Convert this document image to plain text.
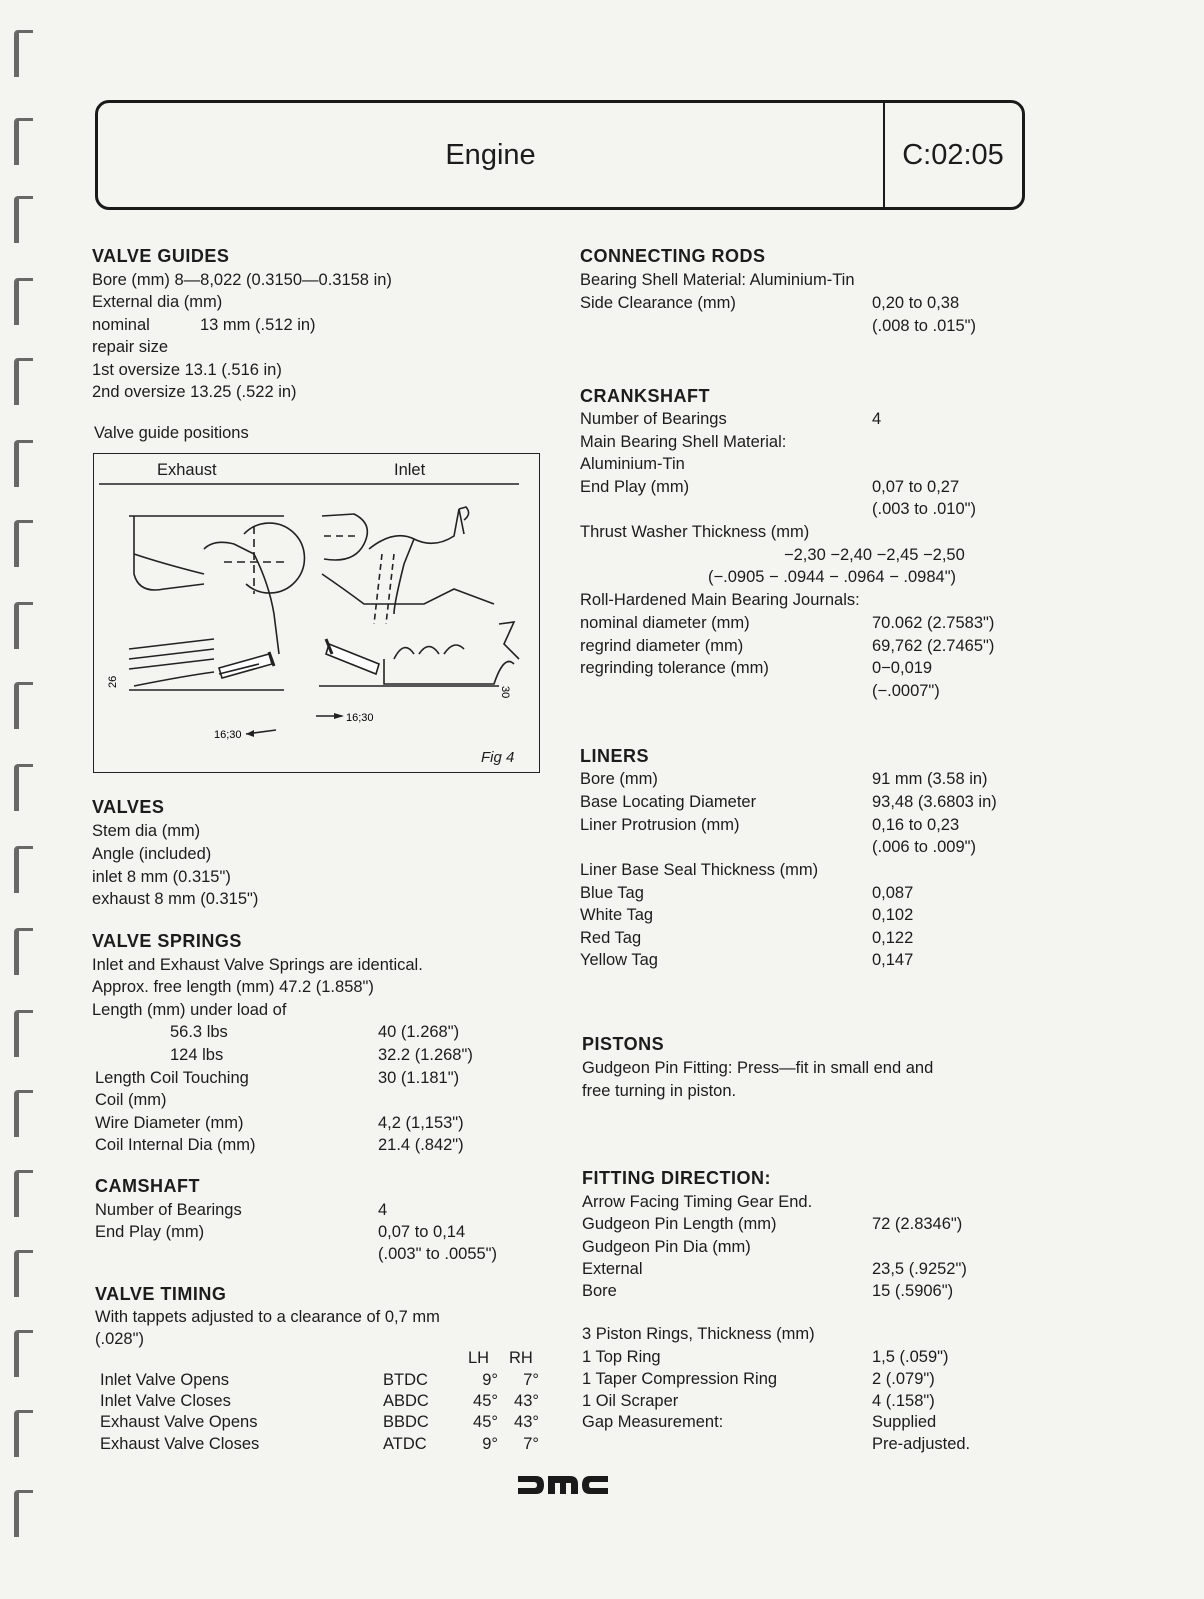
Engine	C:02:05
VALVE GUIDES
Bore (mm) 8—8,022 (0.3150—0.3158 in)
External dia (mm)
nominal	13 mm (.512 in)
repair size
1st oversize 13.1 (.516 in)
2nd oversize 13.25 (.522 in)
Valve guide positions
Exhaust	Inlet
26
30
16;30
16;30
Fig 4
VALVES
Stem dia (mm)
Angle (included)
inlet 8 mm (0.315")
exhaust 8 mm (0.315")
VALVE SPRINGS
Inlet and Exhaust Valve Springs are identical.
Approx. free length (mm) 47.2 (1.858")
Length (mm) under load of
56.3 lbs	40 (1.268")
124 lbs	32.2 (1.268")
Length Coil Touching	30 (1.181")
Coil (mm)
Wire Diameter (mm)	4,2 (1,153")
Coil Internal Dia (mm)	21.4 (.842")
CAMSHAFT
Number of Bearings	4
End Play (mm)	0,07 to 0,14
(.003" to .0055")
VALVE TIMING
With tappets adjusted to a clearance of 0,7 mm
(.028")
LH RH
Inlet Valve Opens	BTDC	9°	7°
Inlet Valve Closes	ABDC	45° 43°
Exhaust Valve Opens	BBDC	45° 43°
Exhaust Valve Closes	ATDC	9°	7°
CONNECTING RODS
Bearing Shell Material: Aluminium-Tin
Side Clearance (mm)	0,20 to 0,38
(.008 to .015")
CRANKSHAFT
Number of Bearings	4
Main Bearing Shell Material:
Aluminium-Tin
End Play (mm)	0,07 to 0,27
(.003 to .010")
Thrust Washer Thickness (mm)
−2,30 −2,40 −2,45 −2,50
(−.0905 − .0944 − .0964 − .0984")
Roll-Hardened Main Bearing Journals:
nominal diameter (mm)	70.062 (2.7583")
regrind diameter (mm)	69,762 (2.7465")
regrinding tolerance (mm)	0−0,019
(−.0007")
LINERS
Bore (mm)	91 mm (3.58 in)
Base Locating Diameter	93,48 (3.6803 in)
Liner Protrusion (mm)	0,16 to 0,23
(.006 to .009")
Liner Base Seal Thickness (mm)
Blue Tag	0,087
White Tag	0,102
Red Tag	0,122
Yellow Tag	0,147
PISTONS
Gudgeon Pin Fitting: Press—fit in small end and
free turning in piston.
FITTING DIRECTION:
Arrow Facing Timing Gear End.
Gudgeon Pin Length (mm)	72 (2.8346")
Gudgeon Pin Dia (mm)
External	23,5 (.9252")
Bore	15 (.5906")
3 Piston Rings, Thickness (mm)
1 Top Ring	1,5 (.059")
1 Taper Compression Ring	2 (.079")
1 Oil Scraper	4 (.158")
Gap Measurement:	Supplied
Pre-adjusted.
